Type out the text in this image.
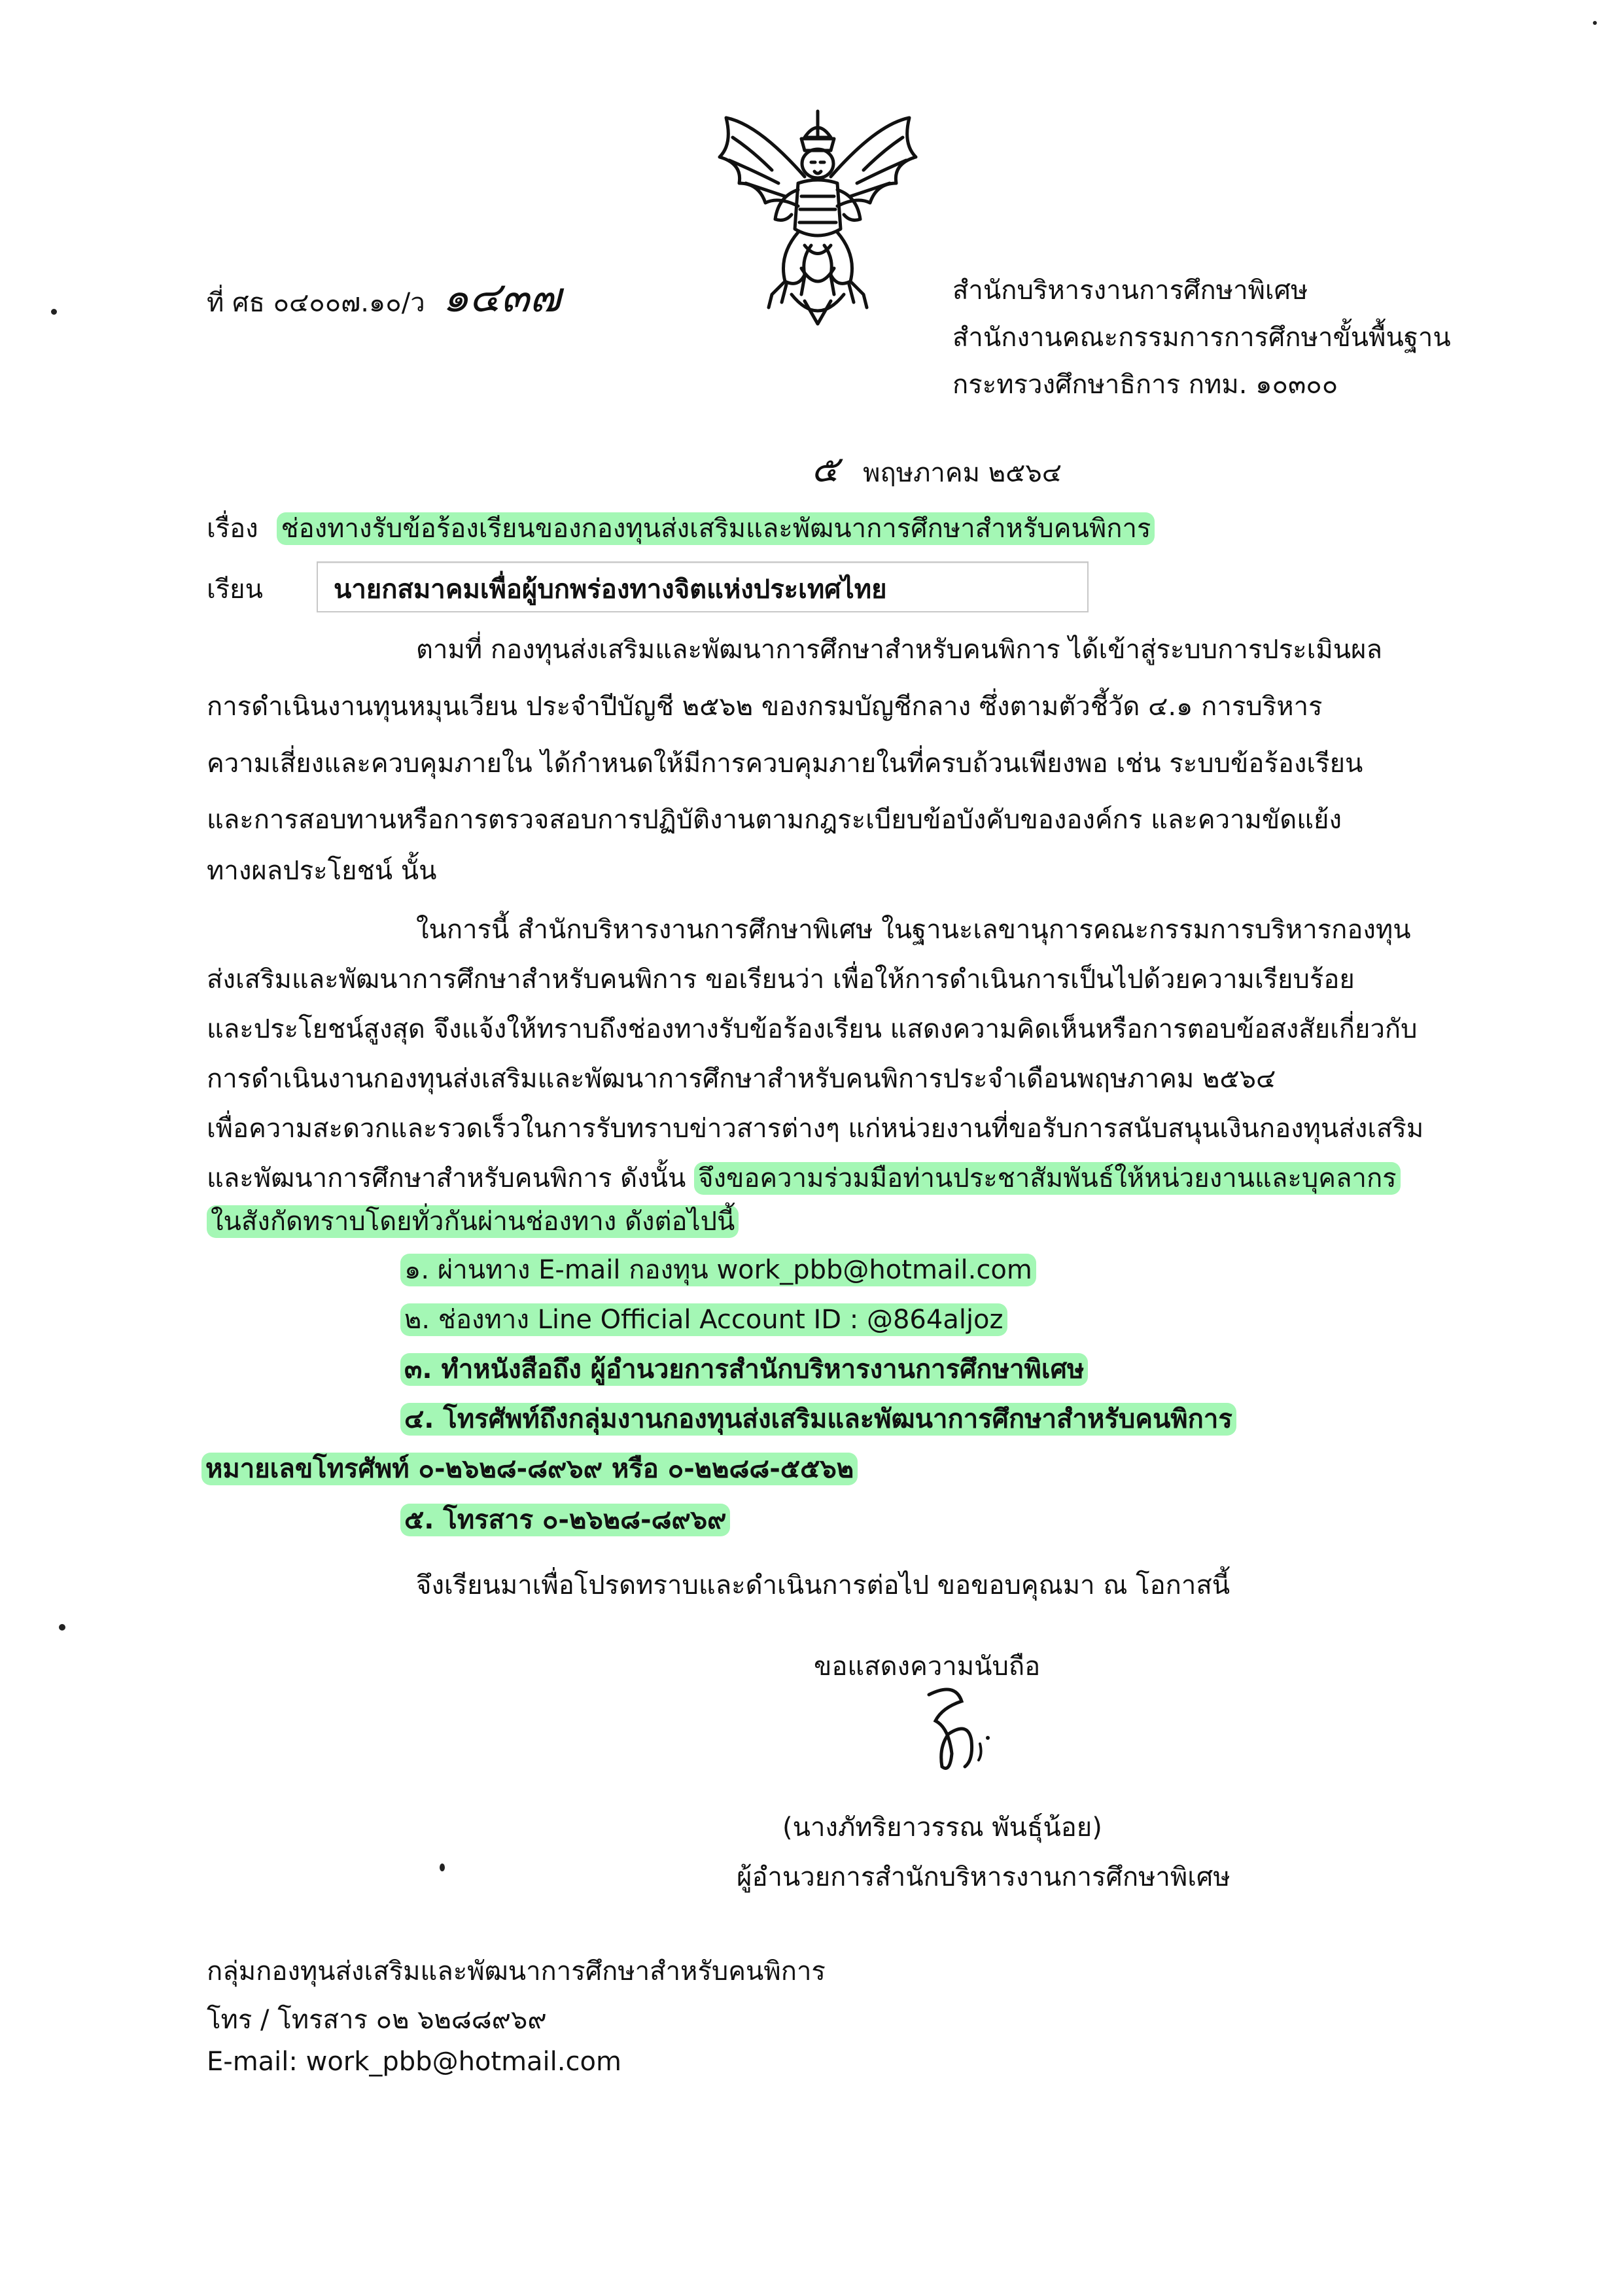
ที่ ศธ ๐๔๐๐๗.๑๐/ว ๑๔๓๗	สำนักบริหารงานการศึกษาพิเศษ
สำนักงานคณะกรรมการการศึกษาขั้นพื้นฐาน
กระทรวงศึกษาธิการ กทม. ๑๐๓๐๐
๕ พฤษภาคม ๒๕๖๔
เรื่อง ช่องทางรับข้อร้องเรียนของกองทุนส่งเสริมและพัฒนาการศึกษาสำหรับคนพิการ
เรียน	นายกสมาคมเพื่อผู้บกพร่องทางจิตแห่งประเทศไทย
ตามที่ กองทุนส่งเสริมและพัฒนาการศึกษาสำหรับคนพิการ ได้เข้าสู่ระบบการประเมินผล
การดำเนินงานทุนหมุนเวียน ประจำปีบัญชี ๒๕๖๒ ของกรมบัญชีกลาง ซึ่งตามตัวชี้วัด ๔.๑ การบริหาร
ความเสี่ยงและควบคุมภายใน ได้กำหนดให้มีการควบคุมภายในที่ครบถ้วนเพียงพอ เช่น ระบบข้อร้องเรียน
และการสอบทานหรือการตรวจสอบการปฏิบัติงานตามกฎระเบียบข้อบังคับขององค์กร และความขัดแย้ง
ทางผลประโยชน์ นั้น
ในการนี้ สำนักบริหารงานการศึกษาพิเศษ ในฐานะเลขานุการคณะกรรมการบริหารกองทุน
ส่งเสริมและพัฒนาการศึกษาสำหรับคนพิการ ขอเรียนว่า เพื่อให้การดำเนินการเป็นไปด้วยความเรียบร้อย
และประโยชน์สูงสุด จึงแจ้งให้ทราบถึงช่องทางรับข้อร้องเรียน แสดงความคิดเห็นหรือการตอบข้อสงสัยเกี่ยวกับ
การดำเนินงานกองทุนส่งเสริมและพัฒนาการศึกษาสำหรับคนพิการประจำเดือนพฤษภาคม ๒๕๖๔
เพื่อความสะดวกและรวดเร็วในการรับทราบข่าวสารต่างๆ แก่หน่วยงานที่ขอรับการสนับสนุนเงินกองทุนส่งเสริม
และพัฒนาการศึกษาสำหรับคนพิการ ดังนั้น จึงขอความร่วมมือท่านประชาสัมพันธ์ให้หน่วยงานและบุคลากร
ในสังกัดทราบโดยทั่วกันผ่านช่องทาง ดังต่อไปนี้
๑. ผ่านทาง E-mail กองทุน work_pbb@hotmail.com
๒. ช่องทาง Line Official Account ID : @864aljoz
๓. ทำหนังสือถึง ผู้อำนวยการสำนักบริหารงานการศึกษาพิเศษ
๔. โทรศัพท์ถึงกลุ่มงานกองทุนส่งเสริมและพัฒนาการศึกษาสำหรับคนพิการ
หมายเลขโทรศัพท์ ๐-๒๖๒๘-๘๙๖๙ หรือ ๐-๒๒๘๘-๕๕๖๒
๕. โทรสาร ๐-๒๖๒๘-๘๙๖๙
จึงเรียนมาเพื่อโปรดทราบและดำเนินการต่อไป ขอขอบคุณมา ณ โอกาสนี้
ขอแสดงความนับถือ
(นางภัทริยาวรรณ พันธุ์น้อย)
ผู้อำนวยการสำนักบริหารงานการศึกษาพิเศษ
กลุ่มกองทุนส่งเสริมและพัฒนาการศึกษาสำหรับคนพิการ
โทร / โทรสาร ๐๒ ๖๒๘๘๙๖๙
E-mail: work_pbb@hotmail.com
